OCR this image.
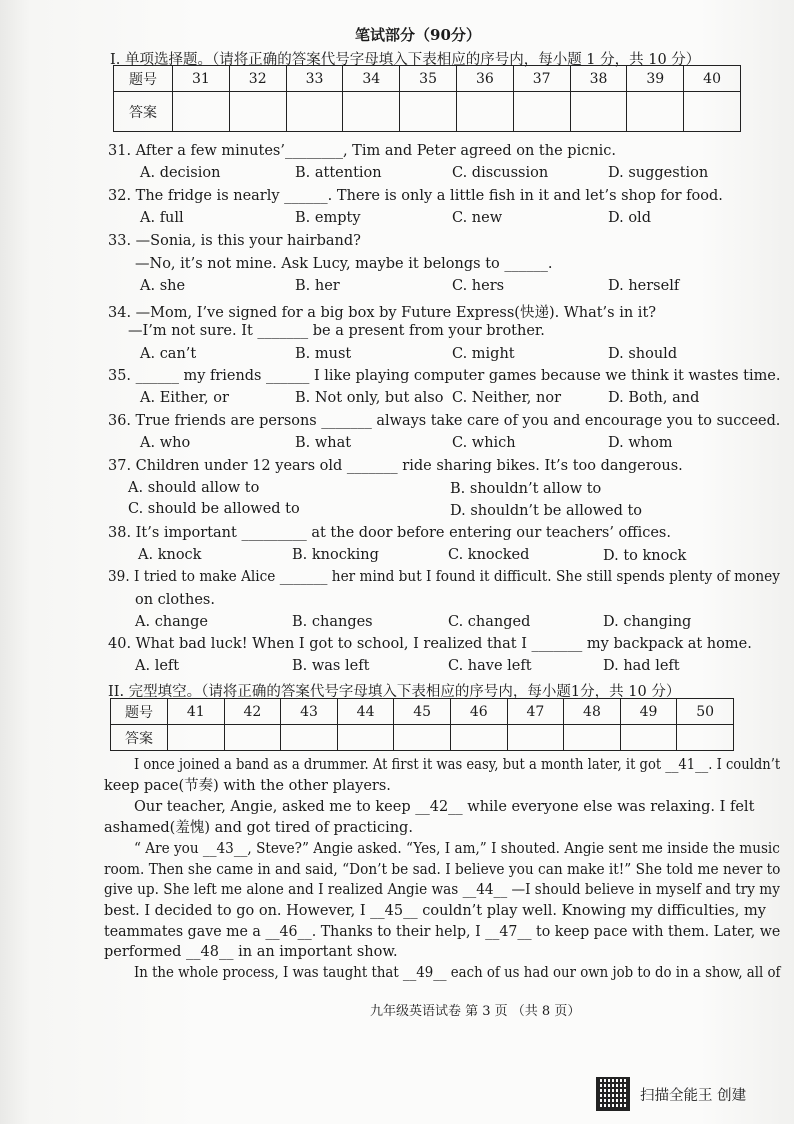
笔试部分（90分）
I. 单项选择题。（请将正确的答案代号字母填入下表相应的序号内，每小题 1 分，共 10 分）
题号	31	32	33	34	35	36	37	38	39	40
答案										
31. After a few minutes’________, Tim and Peter agreed on the picnic.
A. decision	B. attention	C. discussion	D. suggestion
32. The fridge is nearly ______. There is only a little fish in it and let’s shop for food.
A. full	B. empty	C. new	D. old
33. —Sonia, is this your hairband?
—No, it’s not mine. Ask Lucy, maybe it belongs to ______.
A. she	B. her	C. hers	D. herself
34. —Mom, I’ve signed for a big box by Future Express(快递). What’s in it?
—I’m not sure. It _______ be a present from your brother.
A. can’t	B. must	C. might	D. should
35. ______ my friends ______ I like playing computer games because we think it wastes time.
A. Either, or	B. Not only, but also C. Neither, nor	D. Both, and
36. True friends are persons _______ always take care of you and encourage you to succeed.
A. who	B. what	C. which	D. whom
37. Children under 12 years old _______ ride sharing bikes. It’s too dangerous.
A. should allow to	B. shouldn’t allow to
C. should be allowed to	D. shouldn’t be allowed to
38. It’s important _________ at the door before entering our teachers’ offices.
A. knock	B. knocking	C. knocked	D. to knock
39. I tried to make Alice _______ her mind but I found it difficult. She still spends plenty of money
on clothes.
A. change	B. changes	C. changed	D. changing
40. What bad luck! When I got to school, I realized that I _______ my backpack at home.
A. left	B. was left	C. have left	D. had left
II. 完型填空。（请将正确的答案代号字母填入下表相应的序号内，每小题1分，共 10 分）
题号	41	42	43	44	45	46	47	48	49	50
答案										
I once joined a band as a drummer. At first it was easy, but a month later, it got __41__. I couldn’t
keep pace(节奏) with the other players.
Our teacher, Angie, asked me to keep __42__ while everyone else was relaxing. I felt
ashamed(羞愧) and got tired of practicing.
“ Are you __43__, Steve?” Angie asked. “Yes, I am,” I shouted. Angie sent me inside the music
room. Then she came in and said, “Don’t be sad. I believe you can make it!” She told me never to
give up. She left me alone and I realized Angie was __44__ —I should believe in myself and try my
best. I decided to go on. However, I __45__ couldn’t play well. Knowing my difficulties, my
teammates gave me a __46__. Thanks to their help, I __47__ to keep pace with them. Later, we
performed __48__ in an important show.
In the whole process, I was taught that __49__ each of us had our own job to do in a show, all of
九年级英语试卷 第 3 页 （共 8 页）
扫描全能王 创建
